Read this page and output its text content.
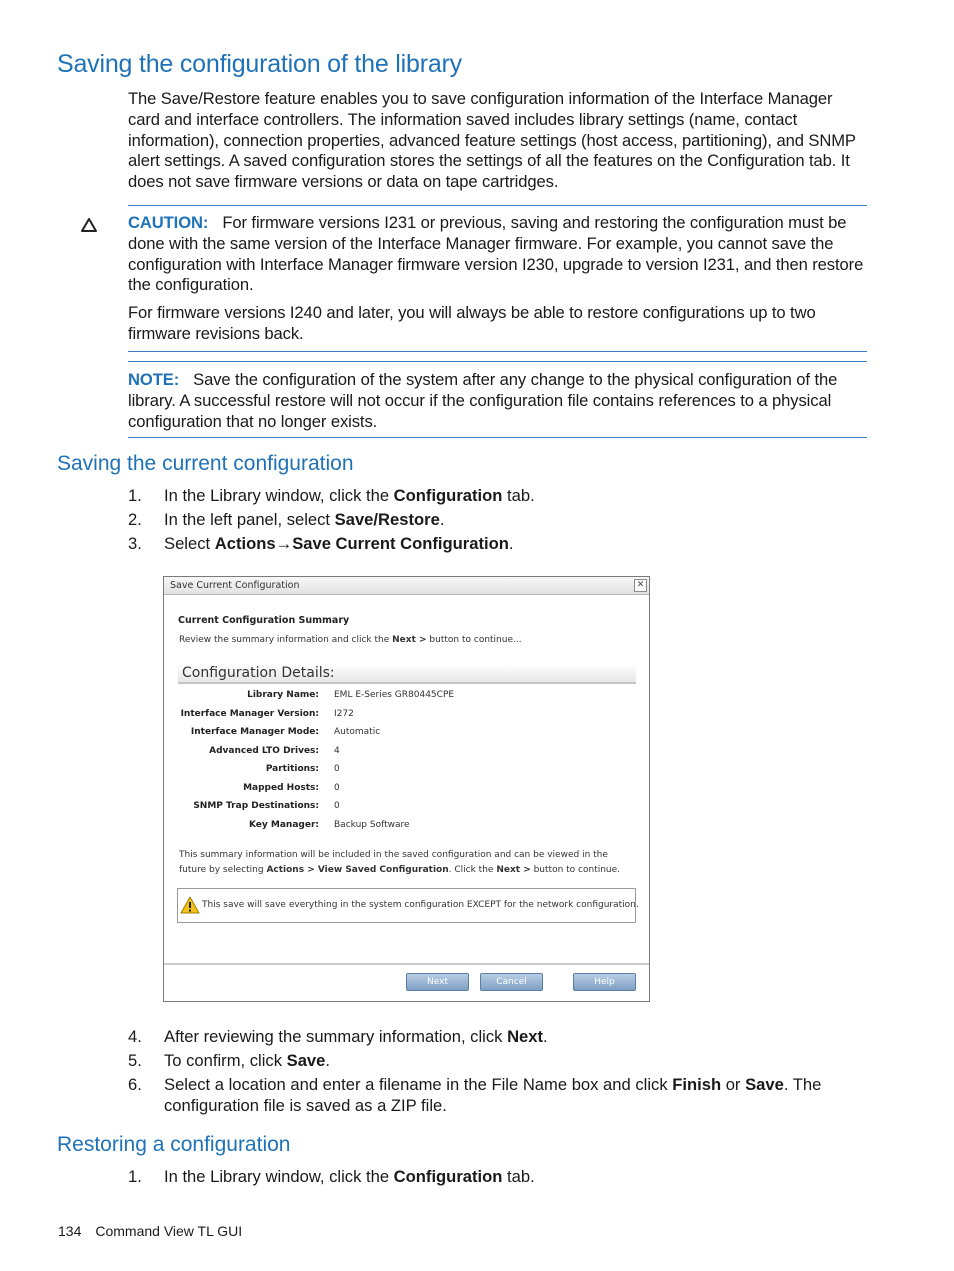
Saving the configuration of the library

The Save/Restore feature enables you to save configuration information of the Interface Manager card and interface controllers. The information saved includes library settings (name, contact information), connection properties, advanced feature settings (host access, partitioning), and SNMP alert settings. A saved configuration stores the settings of all the features on the Configuration tab. It does not save firmware versions or data on tape cartridges.

CAUTION: For firmware versions I231 or previous, saving and restoring the configuration must be done with the same version of the Interface Manager firmware. For example, you cannot save the configuration with Interface Manager firmware version I230, upgrade to version I231, and then restore the configuration.

For firmware versions I240 and later, you will always be able to restore configurations up to two firmware revisions back.

NOTE: Save the configuration of the system after any change to the physical configuration of the library. A successful restore will not occur if the configuration file contains references to a physical configuration that no longer exists.

Saving the current configuration
1. In the Library window, click the Configuration tab.
2. In the left panel, select Save/Restore.
3. Select Actions→Save Current Configuration.
Save Current Configuration	✕
Current Configuration Summary
Review the summary information and click the Next > button to continue...
Configuration Details:
Library Name: EML E-Series GR80445CPE
Interface Manager Version: I272
Interface Manager Mode: Automatic
Advanced LTO Drives: 4
Partitions: 0
Mapped Hosts: 0
SNMP Trap Destinations: 0
Key Manager: Backup Software
This summary information will be included in the saved configuration and can be viewed in the
future by selecting Actions > View Saved Configuration. Click the Next > button to continue.
This save will save everything in the system configuration EXCEPT for the network configuration.
Next	Cancel	Help
4. After reviewing the summary information, click Next.
5. To confirm, click Save.
6. Select a location and enter a filename in the File Name box and click Finish or Save. The configuration file is saved as a ZIP file.
Restoring a configuration
1. In the Library window, click the Configuration tab.
134 Command View TL GUI
